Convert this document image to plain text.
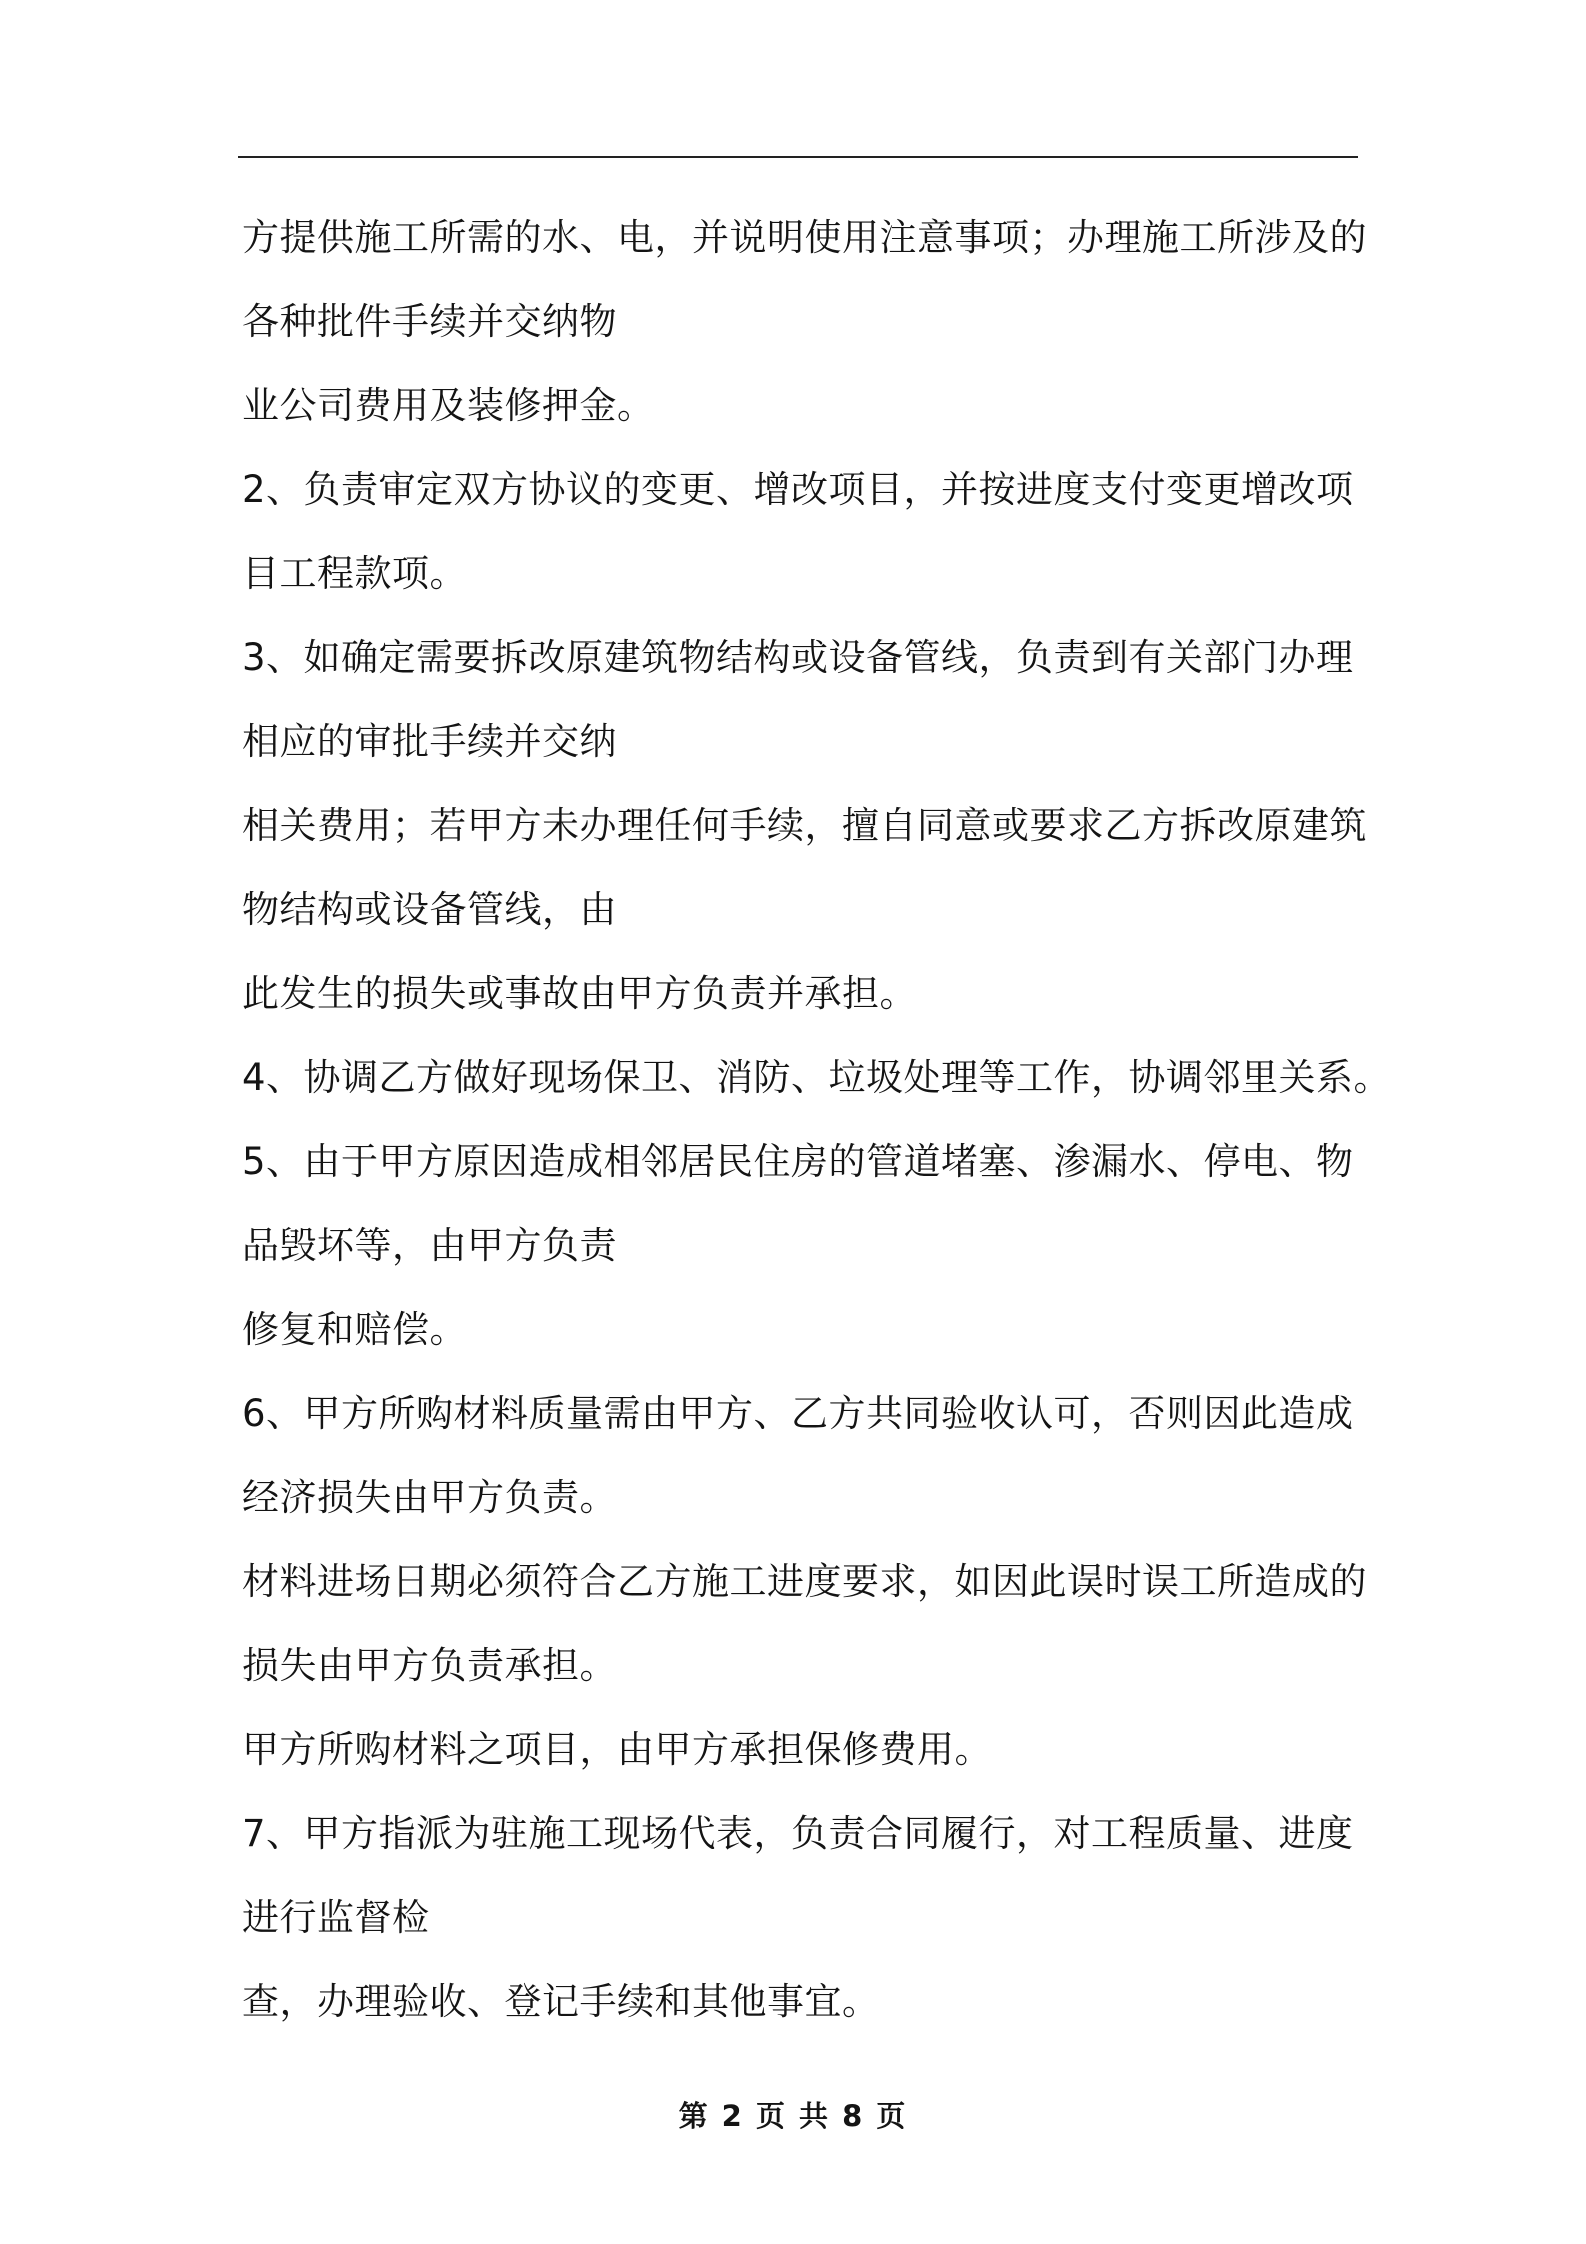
方提供施工所需的水、电，并说明使用注意事项；办理施工所涉及的
各种批件手续并交纳物
业公司费用及装修押金。
2、负责审定双方协议的变更、增改项目，并按进度支付变更增改项
目工程款项。
3、如确定需要拆改原建筑物结构或设备管线，负责到有关部门办理
相应的审批手续并交纳
相关费用；若甲方未办理任何手续，擅自同意或要求乙方拆改原建筑
物结构或设备管线，由
此发生的损失或事故由甲方负责并承担。
4、协调乙方做好现场保卫、消防、垃圾处理等工作，协调邻里关系。
5、由于甲方原因造成相邻居民住房的管道堵塞、渗漏水、停电、物
品毁坏等，由甲方负责
修复和赔偿。
6、甲方所购材料质量需由甲方、乙方共同验收认可，否则因此造成
经济损失由甲方负责。
材料进场日期必须符合乙方施工进度要求，如因此误时误工所造成的
损失由甲方负责承担。
甲方所购材料之项目，由甲方承担保修费用。
7、甲方指派为驻施工现场代表，负责合同履行，对工程质量、进度
进行监督检
查，办理验收、登记手续和其他事宜。
第 2 页 共 8 页
